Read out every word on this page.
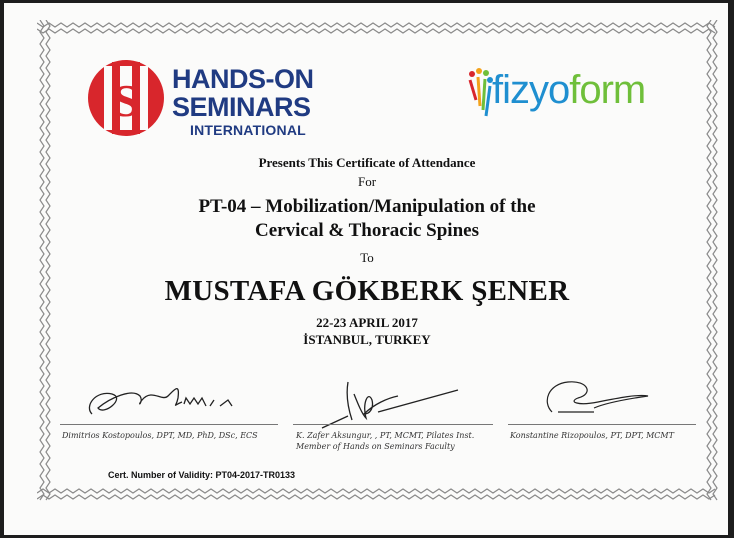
S HANDS-ON
SEMINARS
INTERNATIONAL
fizyoform
Presents This Certificate of Attendance
For
PT-04 – Mobilization/Manipulation of the
Cervical & Thoracic Spines
To
MUSTAFA GÖKBERK ŞENER
22-23 APRIL 2017
İSTANBUL, TURKEY
Dimitrios Kostopoulos, DPT, MD, PhD, DSc, ECS	K. Zafer Aksungur, , PT, MCMT, Pilates Inst.
Member of Hands on Seminars Faculty
Konstantine Rizopoulos, PT, DPT, MCMT
Cert. Number of Validity: PT04-2017-TR0133
